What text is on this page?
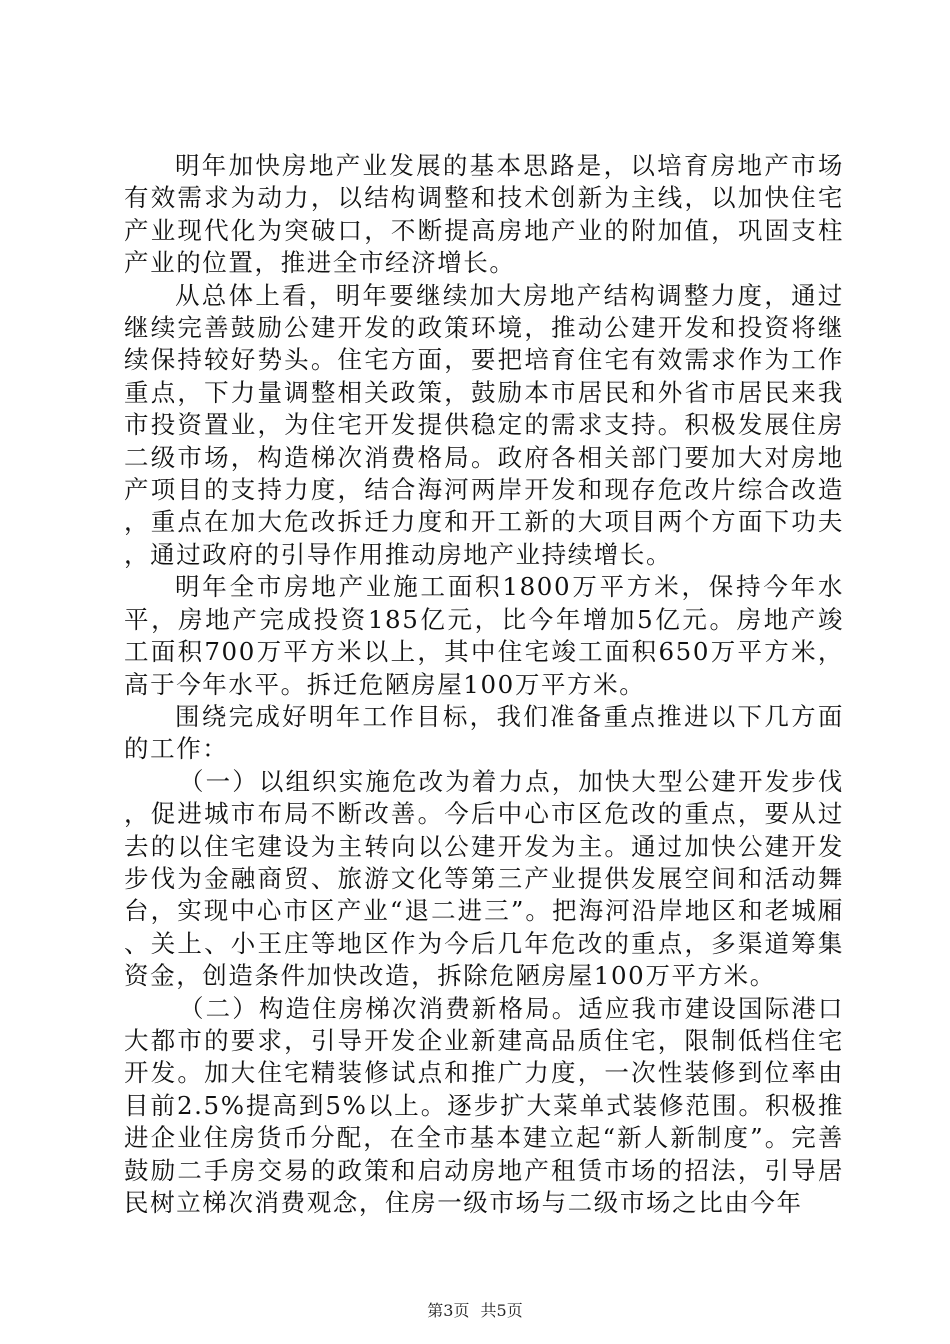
明年加快房地产业发展的基本思路是，以培育房地产市场有效需求为动力，以结构调整和技术创新为主线，以加快住宅产业现代化为突破口，不断提高房地产业的附加值，巩固支柱产业的位置，推进全市经济增长。

从总体上看，明年要继续加大房地产结构调整力度，通过继续完善鼓励公建开发的政策环境，推动公建开发和投资将继续保持较好势头。住宅方面，要把培育住宅有效需求作为工作重点，下力量调整相关政策，鼓励本市居民和外省市居民来我市投资置业，为住宅开发提供稳定的需求支持。积极发展住房二级市场，构造梯次消费格局。政府各相关部门要加大对房地产项目的支持力度，结合海河两岸开发和现存危改片综合改造，重点在加大危改拆迁力度和开工新的大项目两个方面下功夫，通过政府的引导作用推动房地产业持续增长。

明年全市房地产业施工面积1800万平方米，保持今年水平，房地产完成投资185亿元，比今年增加5亿元。房地产竣工面积700万平方米以上，其中住宅竣工面积650万平方米，高于今年水平。拆迁危陋房屋100万平方米。

围绕完成好明年工作目标，我们准备重点推进以下几方面的工作：

（一）以组织实施危改为着力点，加快大型公建开发步伐，促进城市布局不断改善。今后中心市区危改的重点，要从过去的以住宅建设为主转向以公建开发为主。通过加快公建开发步伐为金融商贸、旅游文化等第三产业提供发展空间和活动舞台，实现中心市区产业“退二进三”。把海河沿岸地区和老城厢、关上、小王庄等地区作为今后几年危改的重点，多渠道筹集资金，创造条件加快改造，拆除危陋房屋100万平方米。

（二）构造住房梯次消费新格局。适应我市建设国际港口大都市的要求，引导开发企业新建高品质住宅，限制低档住宅开发。加大住宅精装修试点和推广力度，一次性装修到位率由目前2.5%提高到5%以上。逐步扩大菜单式装修范围。积极推进企业住房货币分配，在全市基本建立起“新人新制度”。完善鼓励二手房交易的政策和启动房地产租赁市场的招法，引导居民树立梯次消费观念，住房一级市场与二级市场之比由今年

第3页 共5页
